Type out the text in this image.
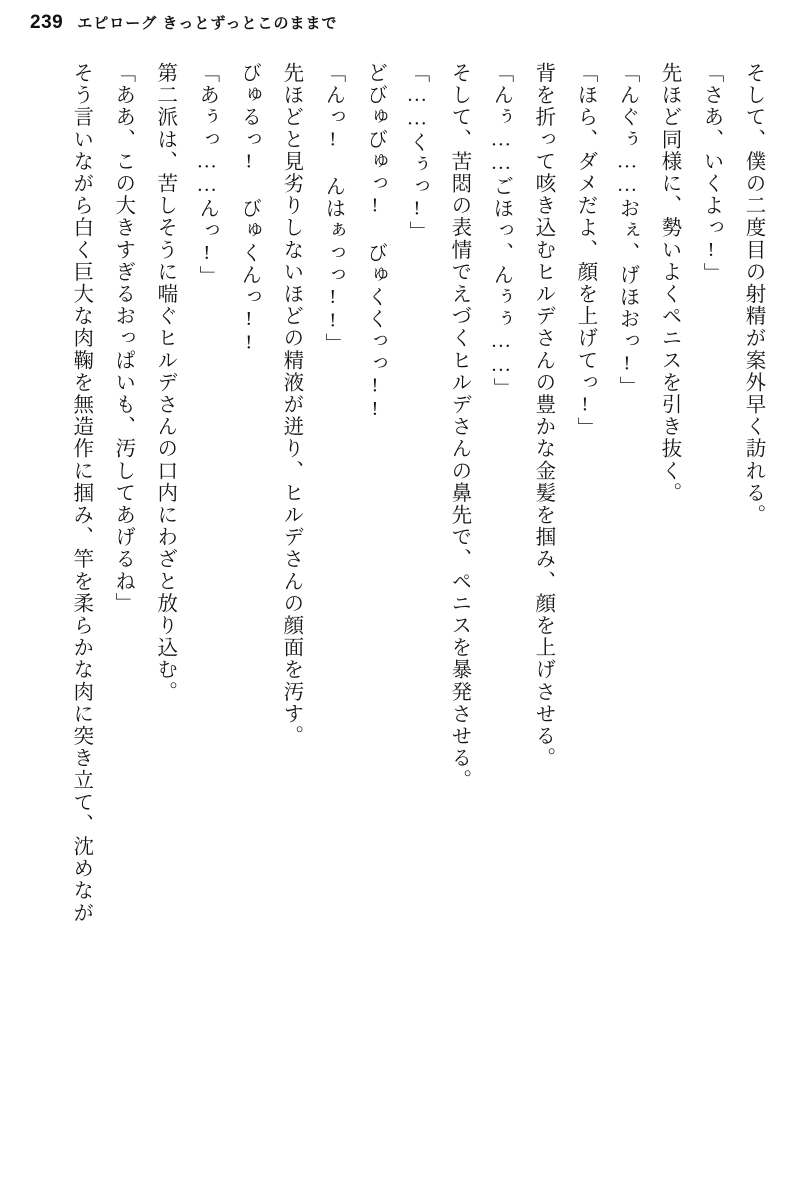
239 エピローグ きっとずっとこのままで
そして、僕の二度目の射精が案外早く訪れる。
「さあ、いくよっ!」
先ほど同様に、勢いよくペニスを引き抜く。
「んぐぅ……おぇ、げほおっ!」
「ほら、ダメだよ、顔を上げてっ!」
背を折って咳き込むヒルデさんの豊かな金髪を掴み、顔を上げさせる。
「んぅ……ごほっ、んぅぅ……」
そして、苦悶の表情でえづくヒルデさんの鼻先で、ペニスを暴発させる。
「……くぅっ!」
どびゅびゅっ! びゅくくっっ!!
「んっ! んはぁっっ!!」
先ほどと見劣りしないほどの精液が迸り、ヒルデさんの顔面を汚す。
びゅるっ! びゅくんっ!!
「あぅっ……んっ!」
第二派は、苦しそうに喘ぐヒルデさんの口内にわざと放り込む。
「ああ、この大きすぎるおっぱいも、汚してあげるね」
そう言いながら白く巨大な肉鞠を無造作に掴み、竿を柔らかな肉に突き立て、沈めなが
